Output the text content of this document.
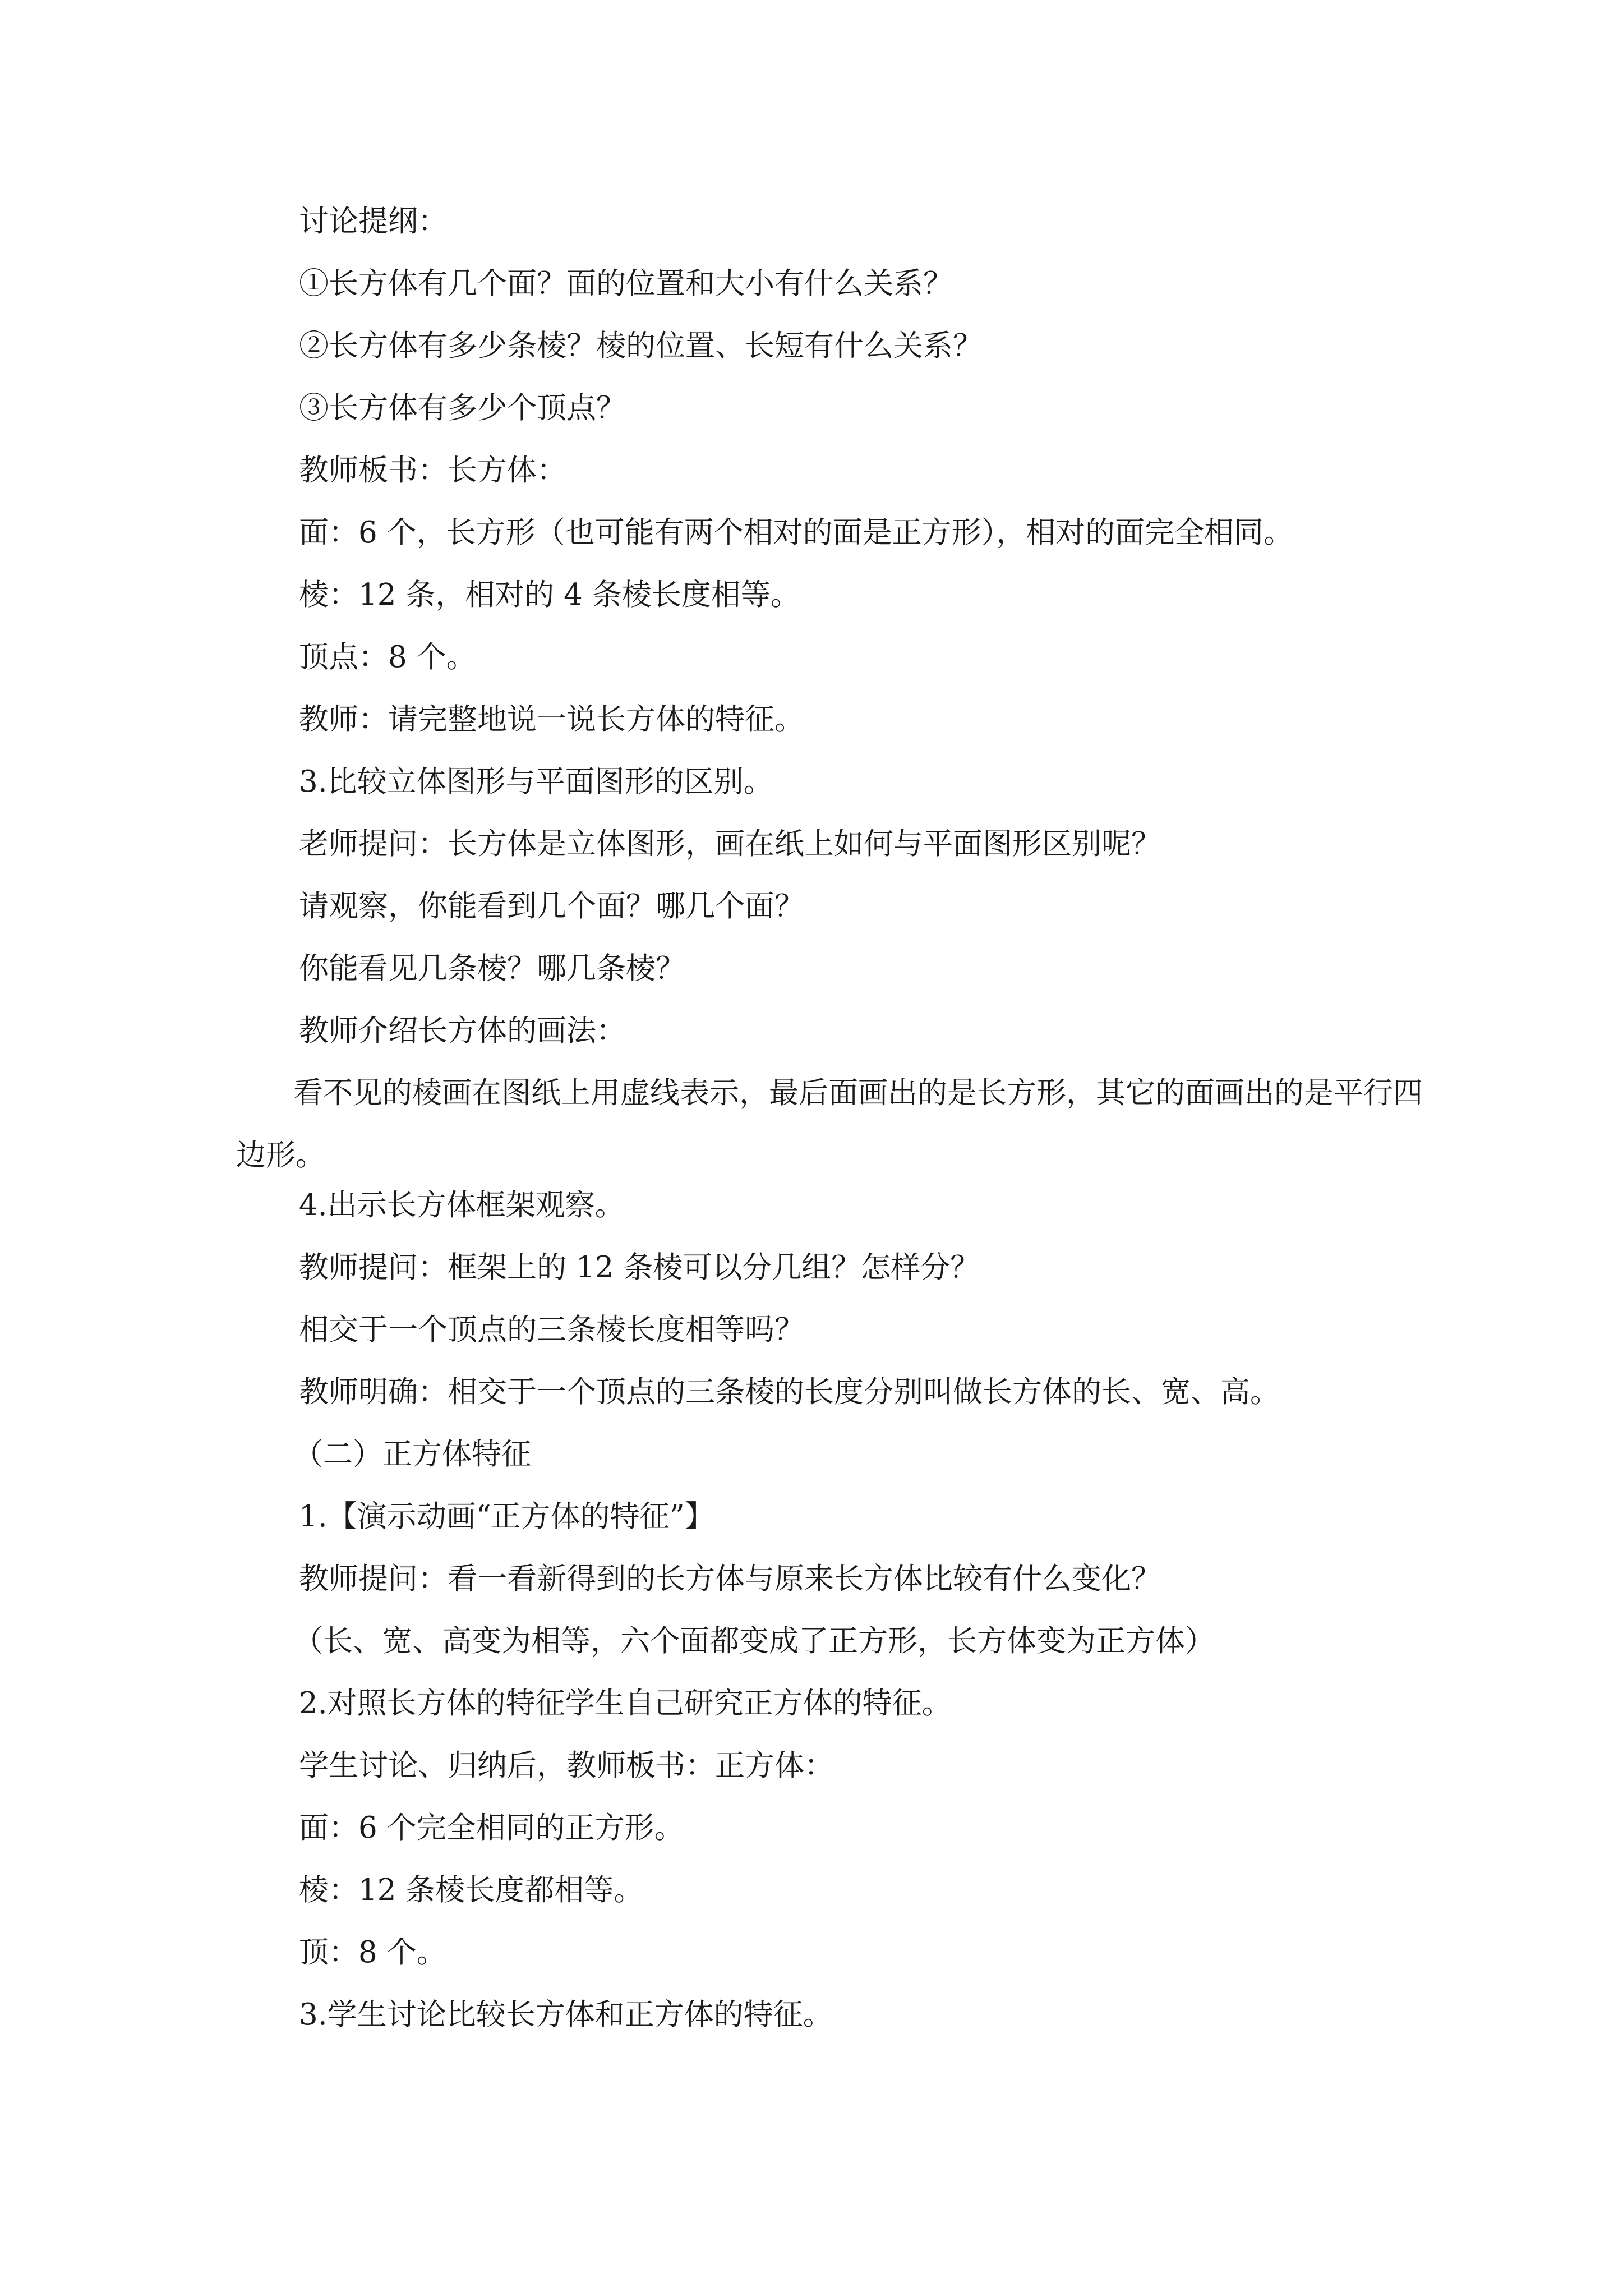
讨论提纲：
①长方体有几个面？面的位置和大小有什么关系？
②长方体有多少条棱？棱的位置、长短有什么关系？
③长方体有多少个顶点？
教师板书：长方体：
面：6 个，长方形（也可能有两个相对的面是正方形），相对的面完全相同。
棱：12 条，相对的 4 条棱长度相等。
顶点：8 个。
教师：请完整地说一说长方体的特征。
3.比较立体图形与平面图形的区别。
老师提问：长方体是立体图形，画在纸上如何与平面图形区别呢？
请观察，你能看到几个面？哪几个面？
你能看见几条棱？哪几条棱？
教师介绍长方体的画法：
看不见的棱画在图纸上用虚线表示，最后面画出的是长方形，其它的面画出的是平行四
边形。
4.出示长方体框架观察。
教师提问：框架上的 12 条棱可以分几组？怎样分？
相交于一个顶点的三条棱长度相等吗？
教师明确：相交于一个顶点的三条棱的长度分别叫做长方体的长、宽、高。
（二）正方体特征
1.【演示动画“正方体的特征”】
教师提问：看一看新得到的长方体与原来长方体比较有什么变化？
（长、宽、高变为相等，六个面都变成了正方形，长方体变为正方体）
2.对照长方体的特征学生自己研究正方体的特征。
学生讨论、归纳后，教师板书：正方体：
面：6 个完全相同的正方形。
棱：12 条棱长度都相等。
顶：8 个。
3.学生讨论比较长方体和正方体的特征。
